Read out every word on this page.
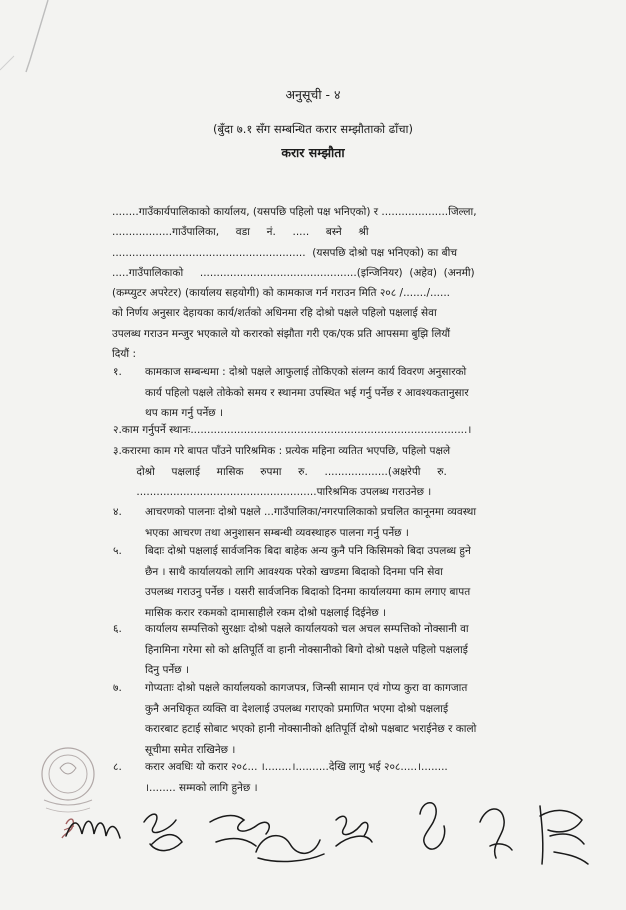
अनुसूची - ४
(बुँदा ७.१ सँग सम्बन्धित करार सम्झौताको ढाँचा)
करार सम्झौता
........गाउँकार्यपालिकाको कार्यालय, (यसपछि पहिलो पक्ष भनिएको) र ....................जिल्ला,
..................गाउँपालिका,     वडा     नं.     .....     बस्ने     श्री
..........................................................  (यसपछि दोश्रो पक्ष भनिएको) का बीच
.....गाउँपालिकाको     ...............................................(इन्जिनियर)  (अहेव)  (अनमी)
(कम्प्युटर अपरेटर) (कार्यालय सहयोगी) को कामकाज गर्न गराउन मिति २०८ /......./......
को निर्णय अनुसार देहायका कार्य/शर्तको अधिनमा रहि दोश्रो पक्षले पहिलो पक्षलाई सेवा
उपलब्ध गराउन मन्जुर भएकाले यो करारको संझौता गरी एक/एक प्रति आपसमा बुझि लियौं
दियौं :
१. कामकाज सम्बन्धमा : दोश्रो पक्षले आफुलाई तोकिएको संलग्न कार्य विवरण अनुसारको
कार्य पहिलो पक्षले तोकेको समय र स्थानमा उपस्थित भई गर्नु पर्नेछ र आवश्यकतानुसार
थप काम गर्नु पर्नेछ ।
२.काम गर्नुपर्ने स्थानः...................................................................................।
३.करारमा काम गरे बापत पाँउने पारिश्रमिक : प्रत्येक महिना व्यतित भएपछि, पहिलो पक्षले
दोश्रो     पक्षलाई     मासिक     रुपमा     रु.     ...................(अक्षरेपी     रु.
......................................................पारिश्रमिक उपलब्ध गराउनेछ ।
४. आचरणको पालनाः दोश्रो पक्षले ...गाउँपालिका/नगरपालिकाको प्रचलित कानूनमा व्यवस्था
भएका आचरण तथा अनुशासन सम्बन्धी व्यवस्थाहरु पालना गर्नु पर्नेछ ।
५. बिदाः दोश्रो पक्षलाई सार्वजनिक बिदा बाहेक अन्य कुनै पनि किसिमको बिदा उपलब्ध हुने
छैन । साथै कार्यालयको लागि आवश्यक परेको खण्डमा बिदाको दिनमा पनि सेवा
उपलब्ध गराउनु पर्नेछ । यसरी सार्वजनिक बिदाको दिनमा कार्यालयमा काम लगाए बापत
मासिक करार रकमको दामासाहीले रकम दोश्रो पक्षलाई दिईनेछ ।
६. कार्यालय सम्पत्तिको सुरक्षाः दोश्रो पक्षले कार्यालयको चल अचल सम्पत्तिको नोक्सानी वा
हिनामिना गरेमा सो को क्षतिपूर्ति वा हानी नोक्सानीको बिगो दोश्रो पक्षले पहिलो पक्षलाई
दिनु पर्नेछ ।
७. गोप्यताः दोश्रो पक्षले कार्यालयको कागजपत्र, जिन्सी सामान एवं गोप्य कुरा वा कागजात
कुनै अनधिकृत व्यक्ति वा देशलाई उपलब्ध गराएको प्रमाणित भएमा दोश्रो पक्षलाई
करारबाट हटाई सोबाट भएको हानी नोक्सानीको क्षतिपूर्ति दोश्रो पक्षबाट भराईनेछ र कालो
सूचीमा समेत राखिनेछ ।
८. करार अवधिः यो करार २०८... ।........।..........देखि लागु भई २०८.....।........
।........ सम्मको लागि हुनेछ ।
